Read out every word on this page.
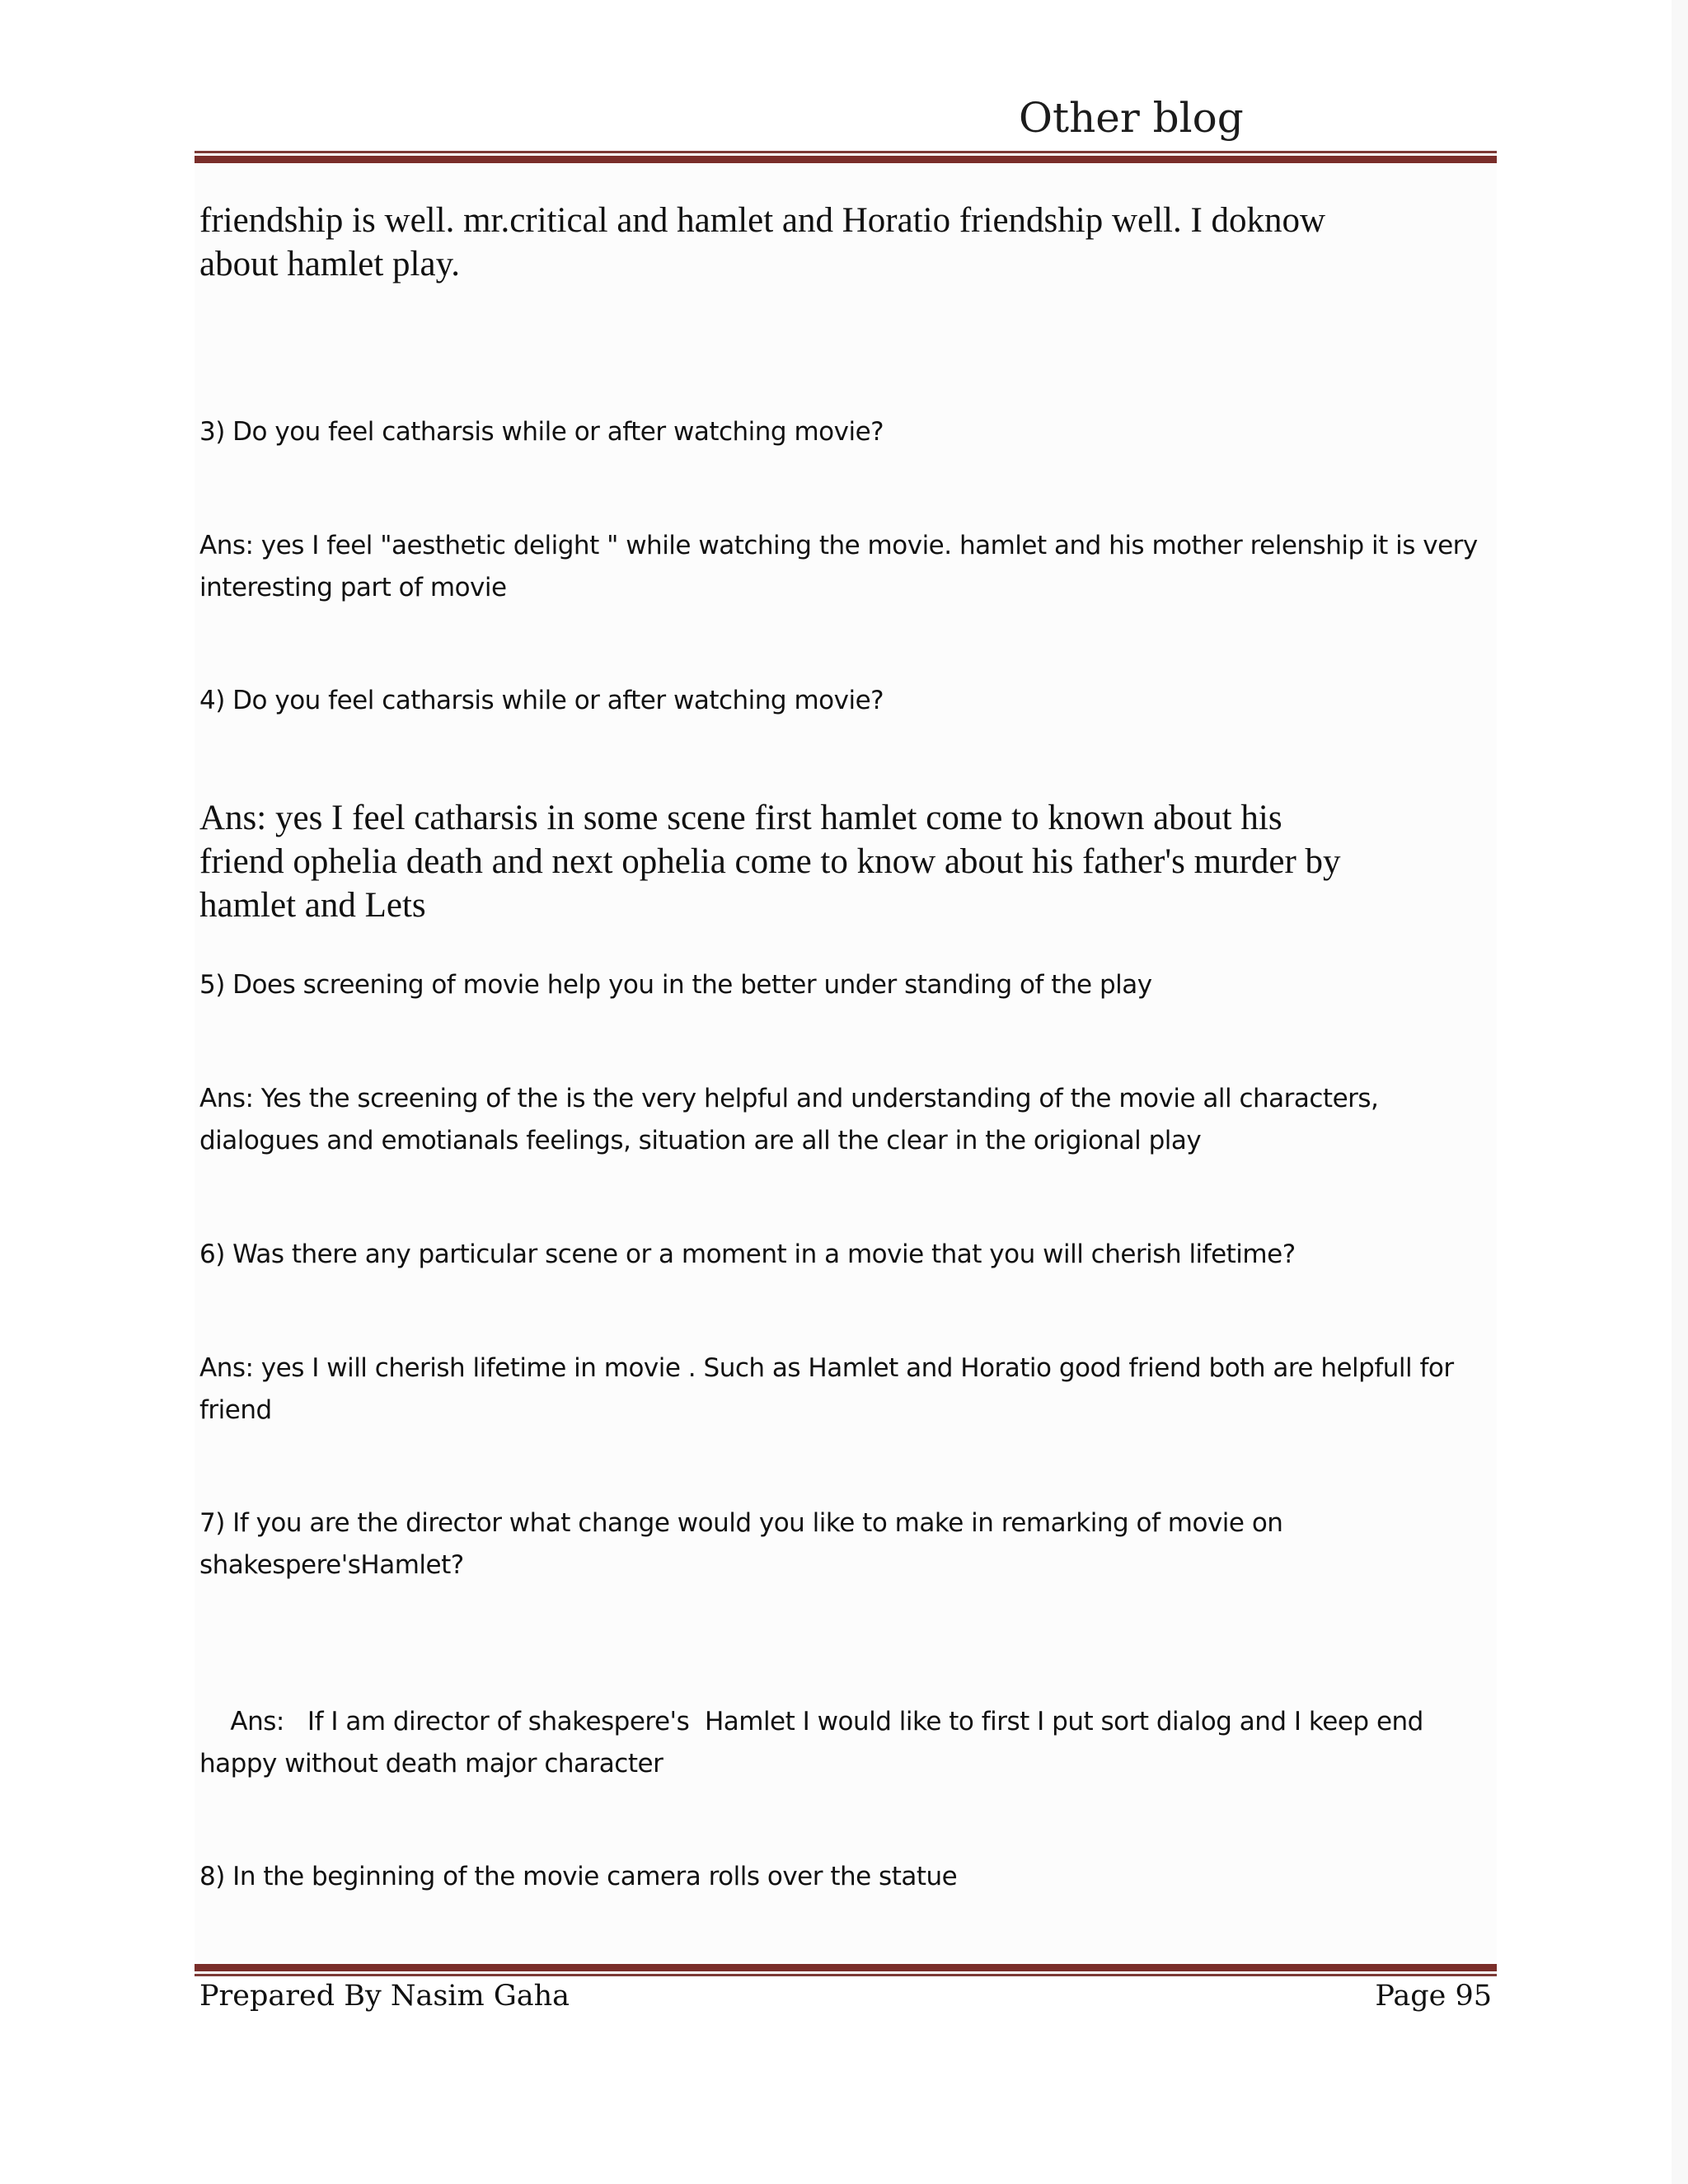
Other blog

friendship is well. mr.critical and hamlet and Horatio friendship well. I doknow

about hamlet play.

3) Do you feel catharsis while or after watching movie?

Ans: yes I feel "aesthetic delight " while watching the movie. hamlet and his mother relenship it is very

interesting part of movie

4) Do you feel catharsis while or after watching movie?

Ans: yes I feel catharsis in some scene first hamlet come to known about his

friend ophelia death and next ophelia come to know about his father's murder by

hamlet and Lets

5) Does screening of movie help you in the better under standing of the play

Ans: Yes the screening of the is the very helpful and understanding of the movie all characters,

dialogues and emotianals feelings, situation are all the clear in the origional play

6) Was there any particular scene or a moment in a movie that you will cherish lifetime?

Ans: yes I will cherish lifetime in movie . Such as Hamlet and Horatio good friend both are helpfull for

friend

7) If you are the director what change would you like to make in remarking of movie on

shakespere'sHamlet?

Ans:   If I am director of shakespere's  Hamlet I would like to first I put sort dialog and I keep end

happy without death major character

8) In the beginning of the movie camera rolls over the statue

Prepared By Nasim Gaha	Page 95
